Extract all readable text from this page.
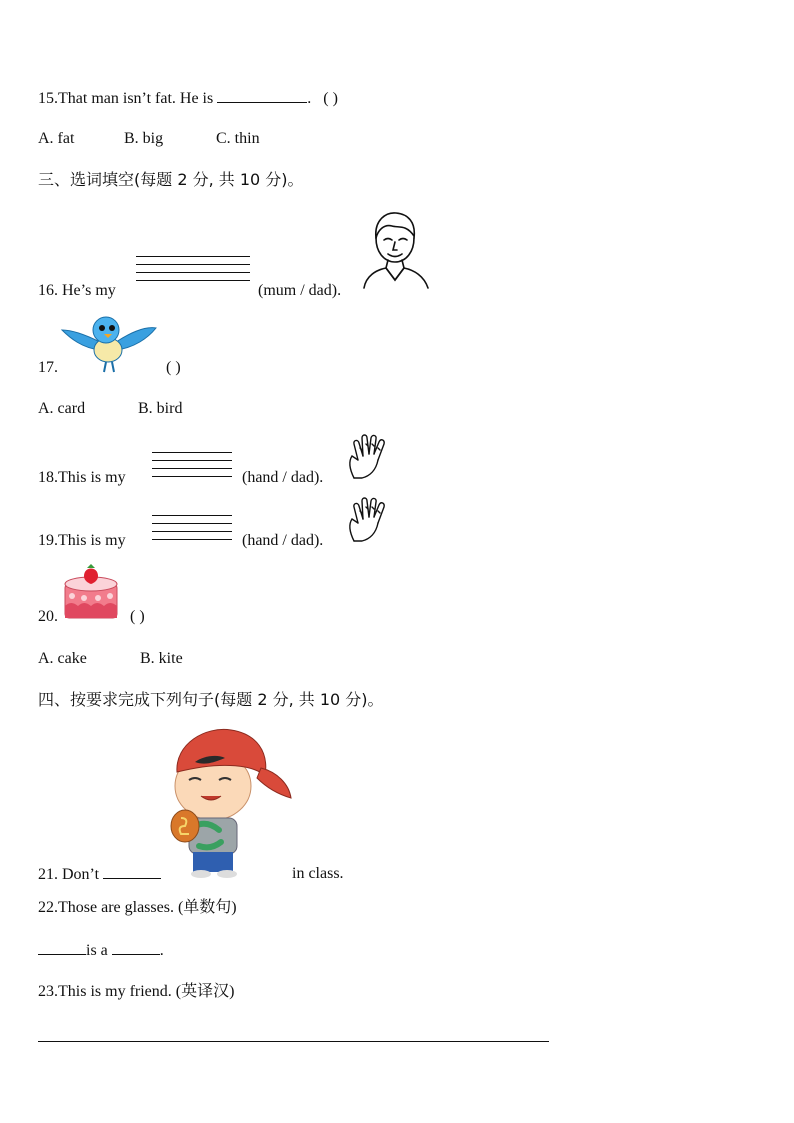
15.That man isn’t fat. He is	. ( )
A. fat	B. big	C. thin
三、选词填空(每题 2 分, 共 10 分)。
16. He’s my	(mum / dad).
17.	( )
A. card	B. bird
18.This is my	(hand / dad).
19.This is my	(hand / dad).
20.	( )
A. cake	B. kite
四、按要求完成下列句子(每题 2 分, 共 10 分)。
21. Don’t	in class.
22.Those are glasses. (单数句)
is a	.
23.This is my friend. (英译汉)
